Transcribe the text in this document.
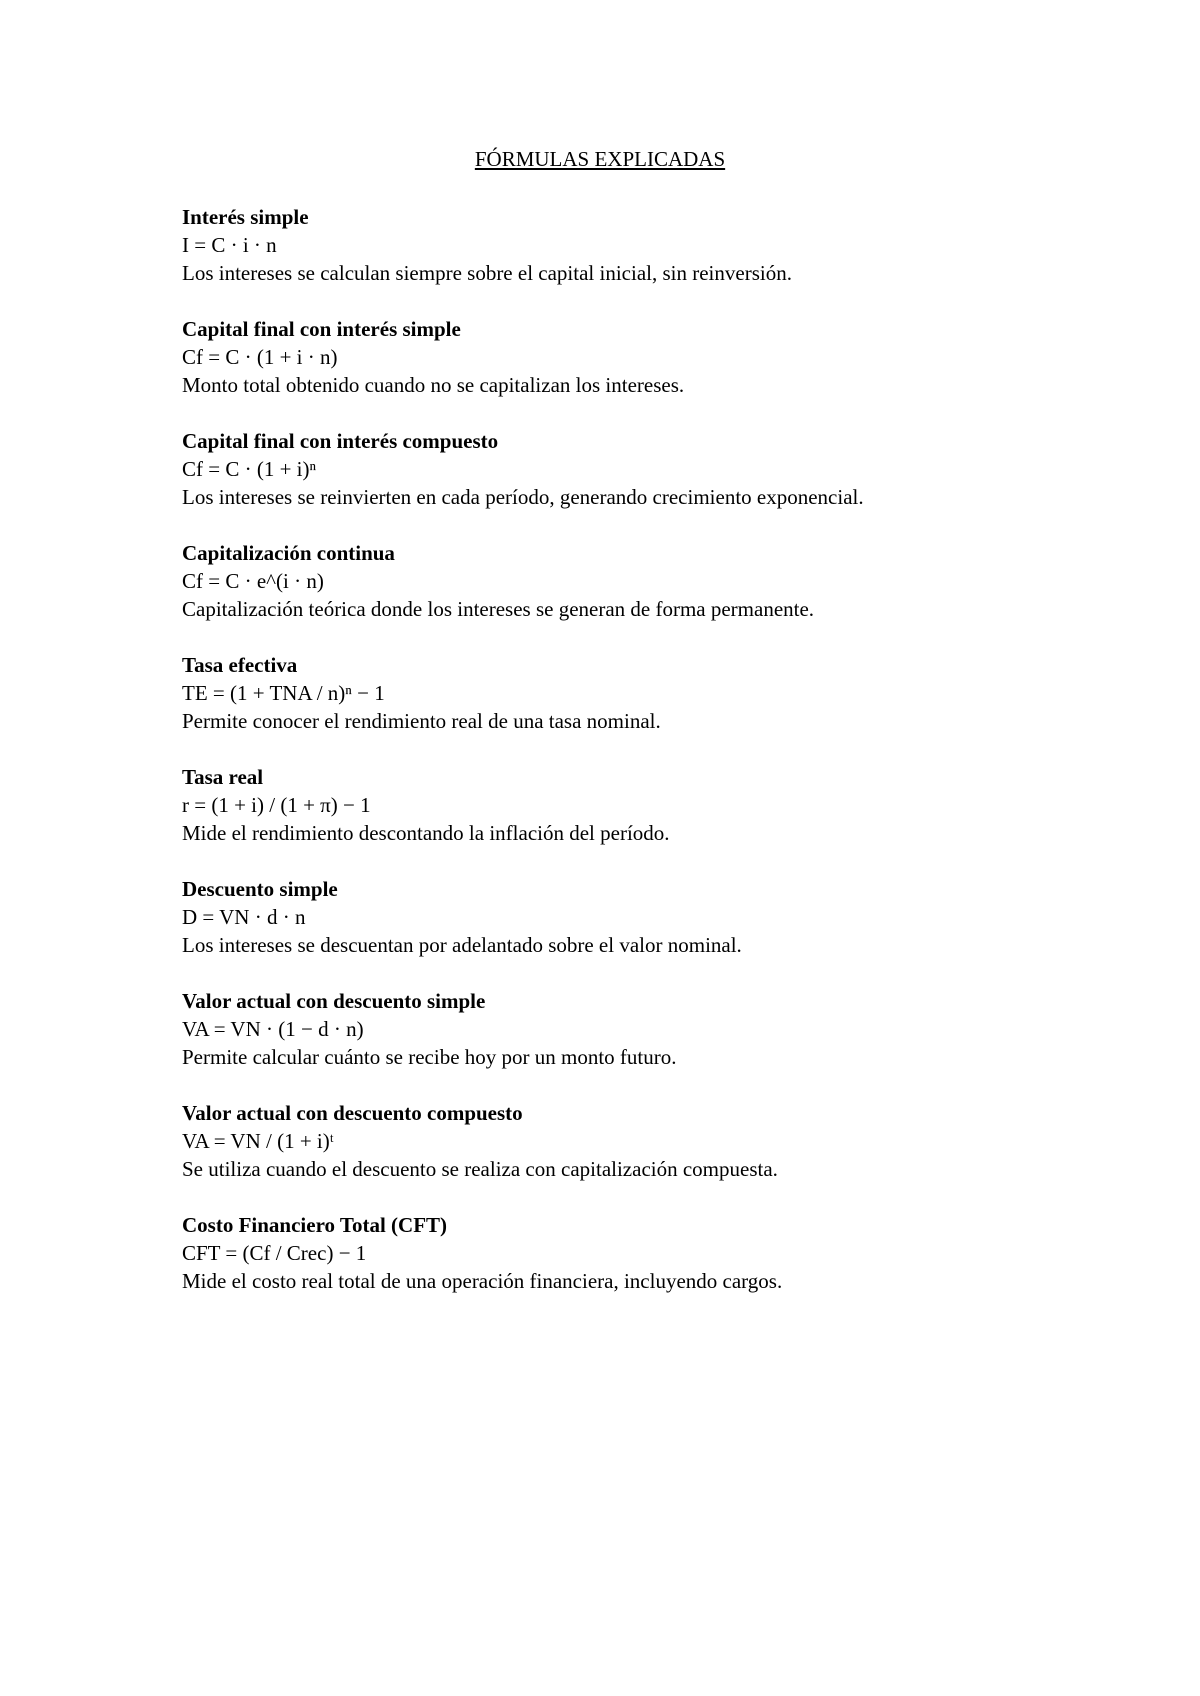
FÓRMULAS EXPLICADAS

Interés simple

I = C · i · n

Los intereses se calculan siempre sobre el capital inicial, sin reinversión.

Capital final con interés simple

Cf = C · (1 + i · n)

Monto total obtenido cuando no se capitalizan los intereses.

Capital final con interés compuesto

Cf = C · (1 + i)ⁿ

Los intereses se reinvierten en cada período, generando crecimiento exponencial.

Capitalización continua

Cf = C · e^(i · n)

Capitalización teórica donde los intereses se generan de forma permanente.

Tasa efectiva

TE = (1 + TNA / n)ⁿ − 1

Permite conocer el rendimiento real de una tasa nominal.

Tasa real

r = (1 + i) / (1 + π) − 1

Mide el rendimiento descontando la inflación del período.

Descuento simple

D = VN · d · n

Los intereses se descuentan por adelantado sobre el valor nominal.

Valor actual con descuento simple

VA = VN · (1 − d · n)

Permite calcular cuánto se recibe hoy por un monto futuro.

Valor actual con descuento compuesto

VA = VN / (1 + i)ᵗ

Se utiliza cuando el descuento se realiza con capitalización compuesta.

Costo Financiero Total (CFT)

CFT = (Cf / Crec) − 1

Mide el costo real total de una operación financiera, incluyendo cargos.
